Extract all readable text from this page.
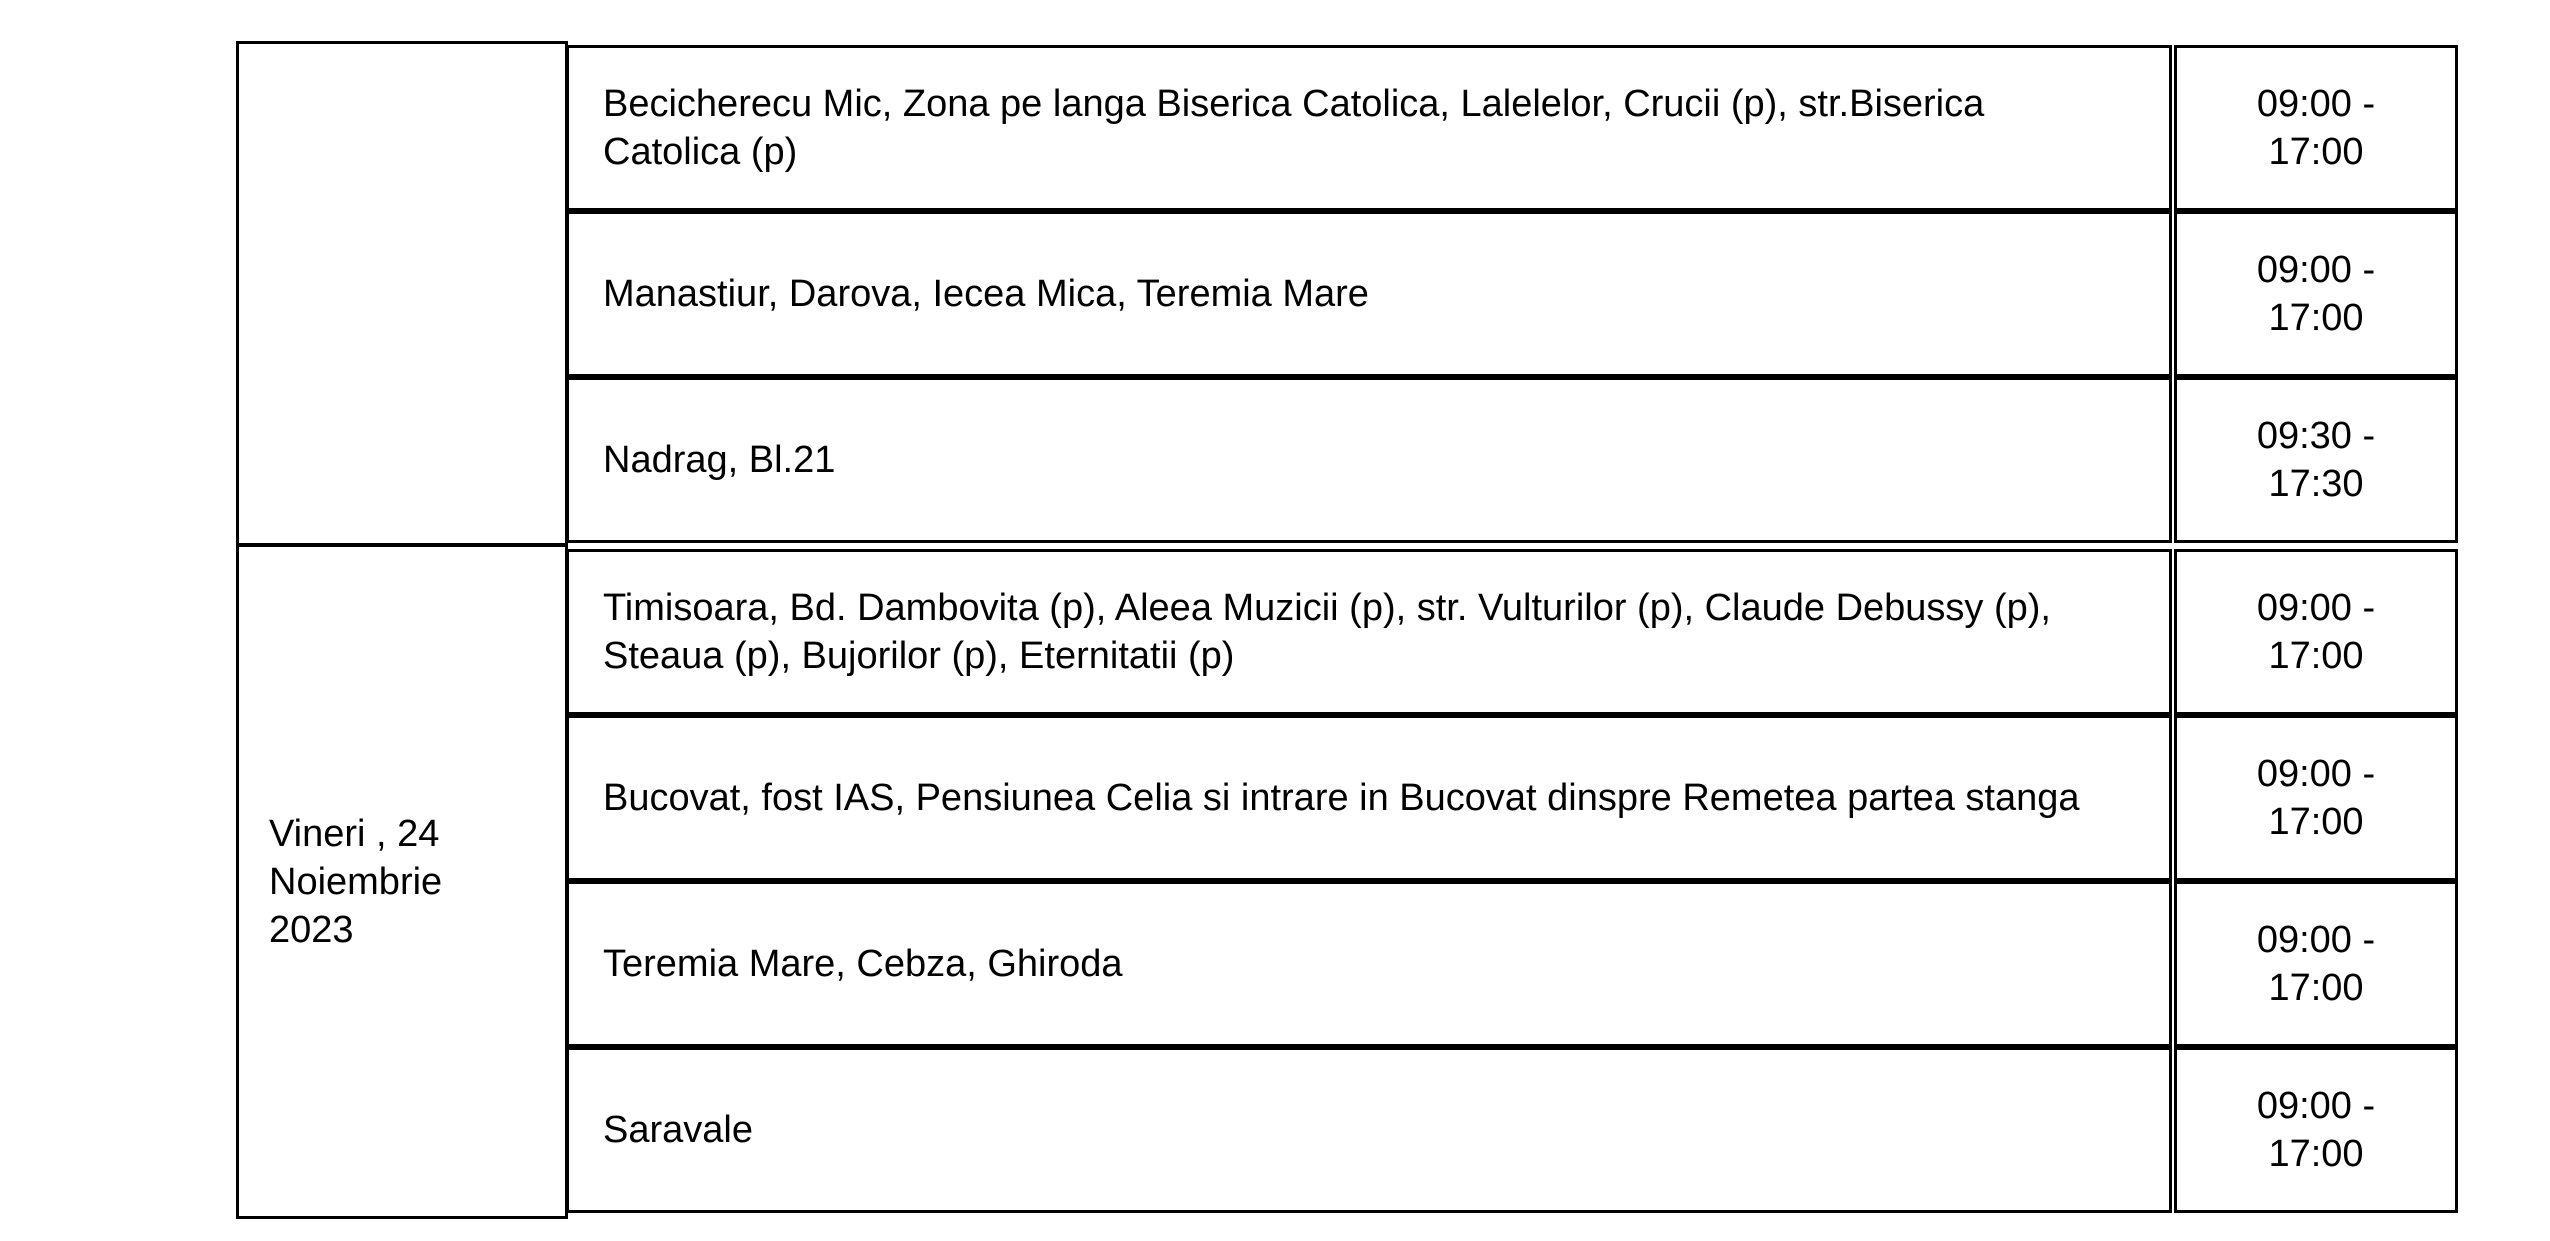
Becicherecu Mic, Zona pe langa Biserica Catolica, Lalelelor, Crucii (p), str.Biserica Catolica (p)
09:00 - 17:00
Manastiur, Darova, Iecea Mica, Teremia Mare
09:00 - 17:00
Nadrag, Bl.21
09:30 - 17:30
Vineri , 24
Noiembrie
2023
Timisoara, Bd. Dambovita (p), Aleea Muzicii (p), str. Vulturilor (p), Claude Debussy (p), Steaua (p), Bujorilor (p), Eternitatii (p)
09:00 - 17:00
Bucovat, fost IAS, Pensiunea Celia si intrare in Bucovat dinspre Remetea partea stanga
09:00 - 17:00
Teremia Mare, Cebza, Ghiroda
09:00 - 17:00
Saravale
09:00 - 17:00
